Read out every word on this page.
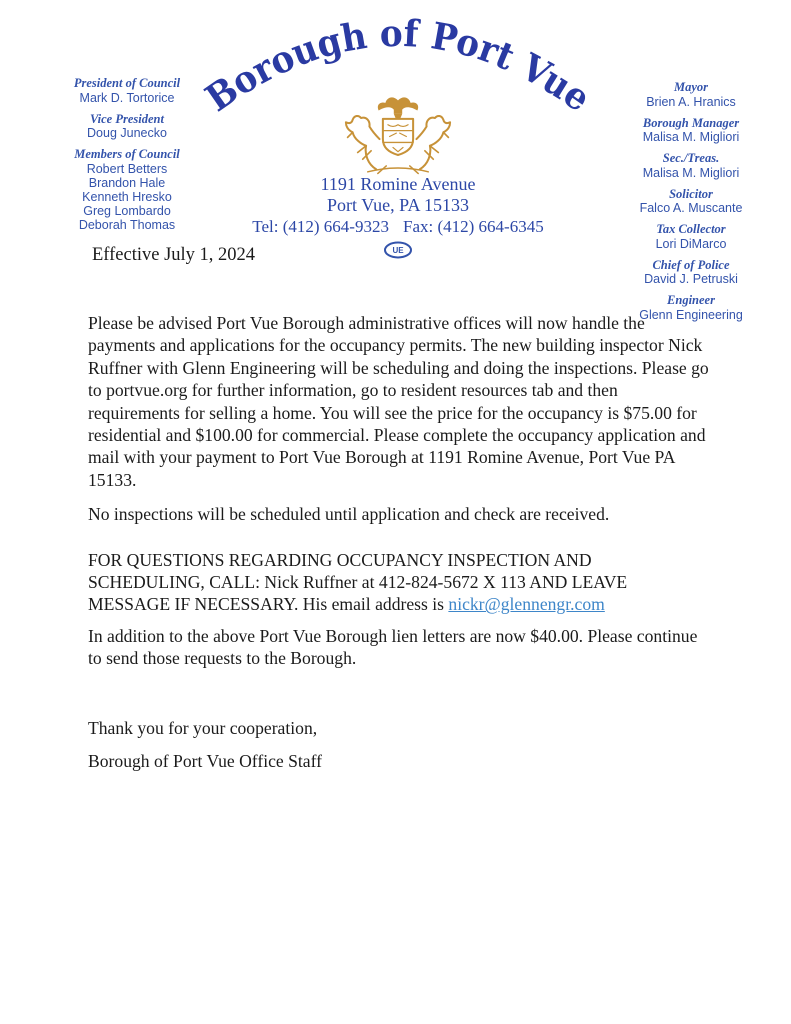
President of Council
Mark D. Tortorice
Vice President
Doug Junecko
Members of Council
Robert Betters
Brandon Hale
Kenneth Hresko
Greg Lombardo
Deborah Thomas
Mayor
Brien A. Hranics
Borough Manager
Malisa M. Migliori
Sec./Treas.
Malisa M. Migliori
Solicitor
Falco A. Muscante
Tax Collector
Lori DiMarco
Chief of Police
David J. Petruski
Engineer
Glenn Engineering
Borough of Port Vue
1191 Romine Avenue
Port Vue, PA 15133
Tel: (412) 664-9323 Fax: (412) 664-6345
UE
Effective July 1, 2024

Please be advised Port Vue Borough administrative offices will now handle the payments and applications for the occupancy permits. The new building inspector Nick Ruffner with Glenn Engineering will be scheduling and doing the inspections. Please go to portvue.org for further information, go to resident resources tab and then requirements for selling a home. You will see the price for the occupancy is $75.00 for residential and $100.00 for commercial. Please complete the occupancy application and mail with your payment to Port Vue Borough at 1191 Romine Avenue, Port Vue PA 15133.

No inspections will be scheduled until application and check are received.

FOR QUESTIONS REGARDING OCCUPANCY INSPECTION AND SCHEDULING, CALL: Nick Ruffner at 412-824-5672 X 113 AND LEAVE MESSAGE IF NECESSARY. His email address is nickr@glennengr.com

In addition to the above Port Vue Borough lien letters are now $40.00. Please continue to send those requests to the Borough.

Thank you for your cooperation,

Borough of Port Vue Office Staff
